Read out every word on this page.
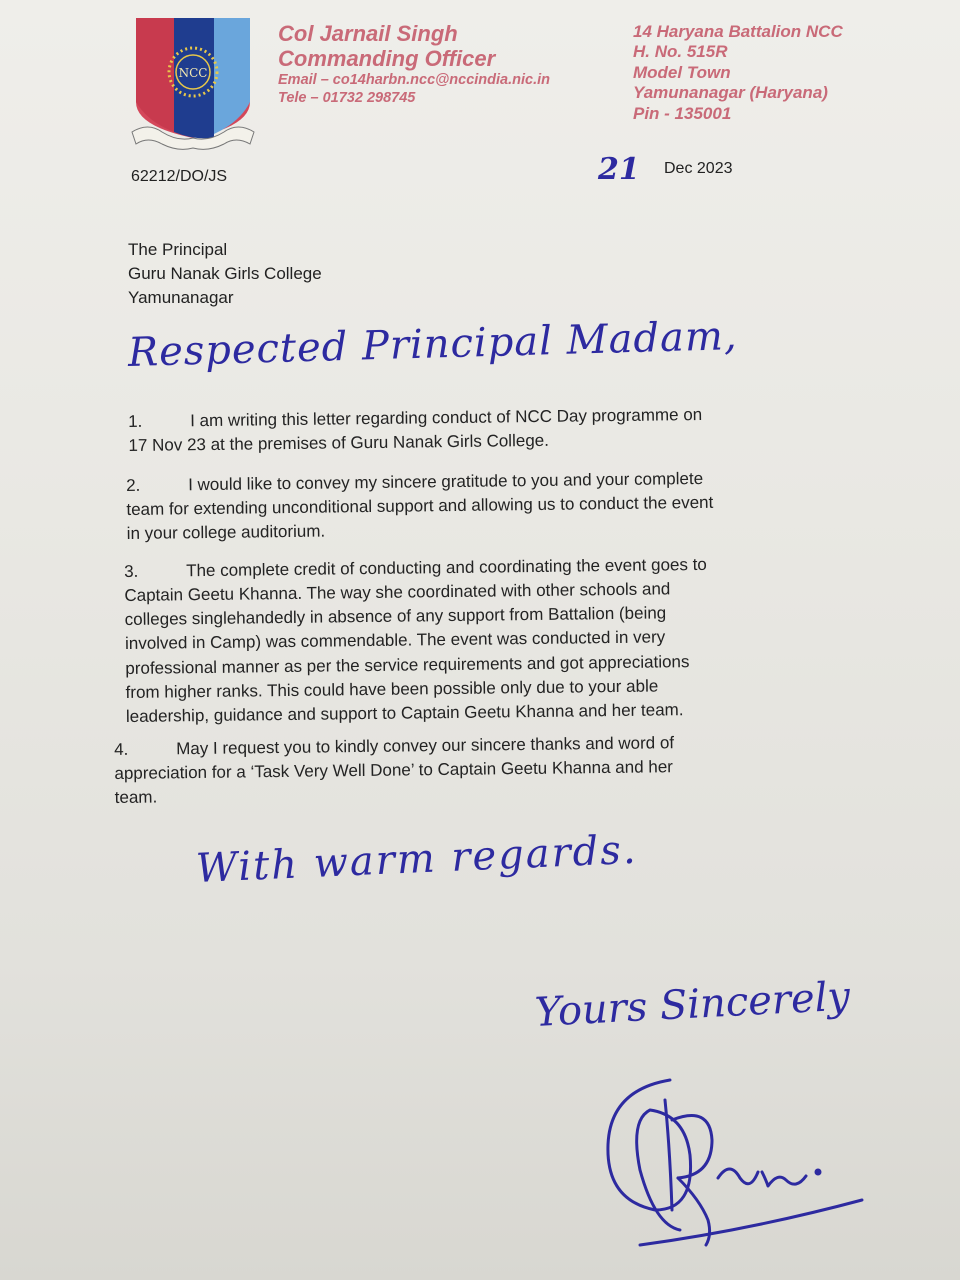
NCC
Col Jarnail Singh
Commanding Officer
Email – co14harbn.ncc@nccindia.nic.in
Tele – 01732 298745
14 Haryana Battalion NCC
H. No. 515R
Model Town
Yamunanagar (Haryana)
Pin - 135001
62212/DO/JS	21 Dec 2023
The Principal
Guru Nanak Girls College
Yamunanagar
Respected Principal Madam,
1.	I am writing this letter regarding conduct of NCC Day programme on
17 Nov 23 at the premises of Guru Nanak Girls College.
2.	I would like to convey my sincere gratitude to you and your complete
team for extending unconditional support and allowing us to conduct the event
in your college auditorium.
3.	The complete credit of conducting and coordinating the event goes to
Captain Geetu Khanna. The way she coordinated with other schools and
colleges singlehandedly in absence of any support from Battalion (being
involved in Camp) was commendable. The event was conducted in very
professional manner as per the service requirements and got appreciations
from higher ranks. This could have been possible only due to your able
leadership, guidance and support to Captain Geetu Khanna and her team.
4.	May I request you to kindly convey our sincere thanks and word of
appreciation for a ‘Task Very Well Done’ to Captain Geetu Khanna and her
team.
With warm regards.
Yours Sincerely
